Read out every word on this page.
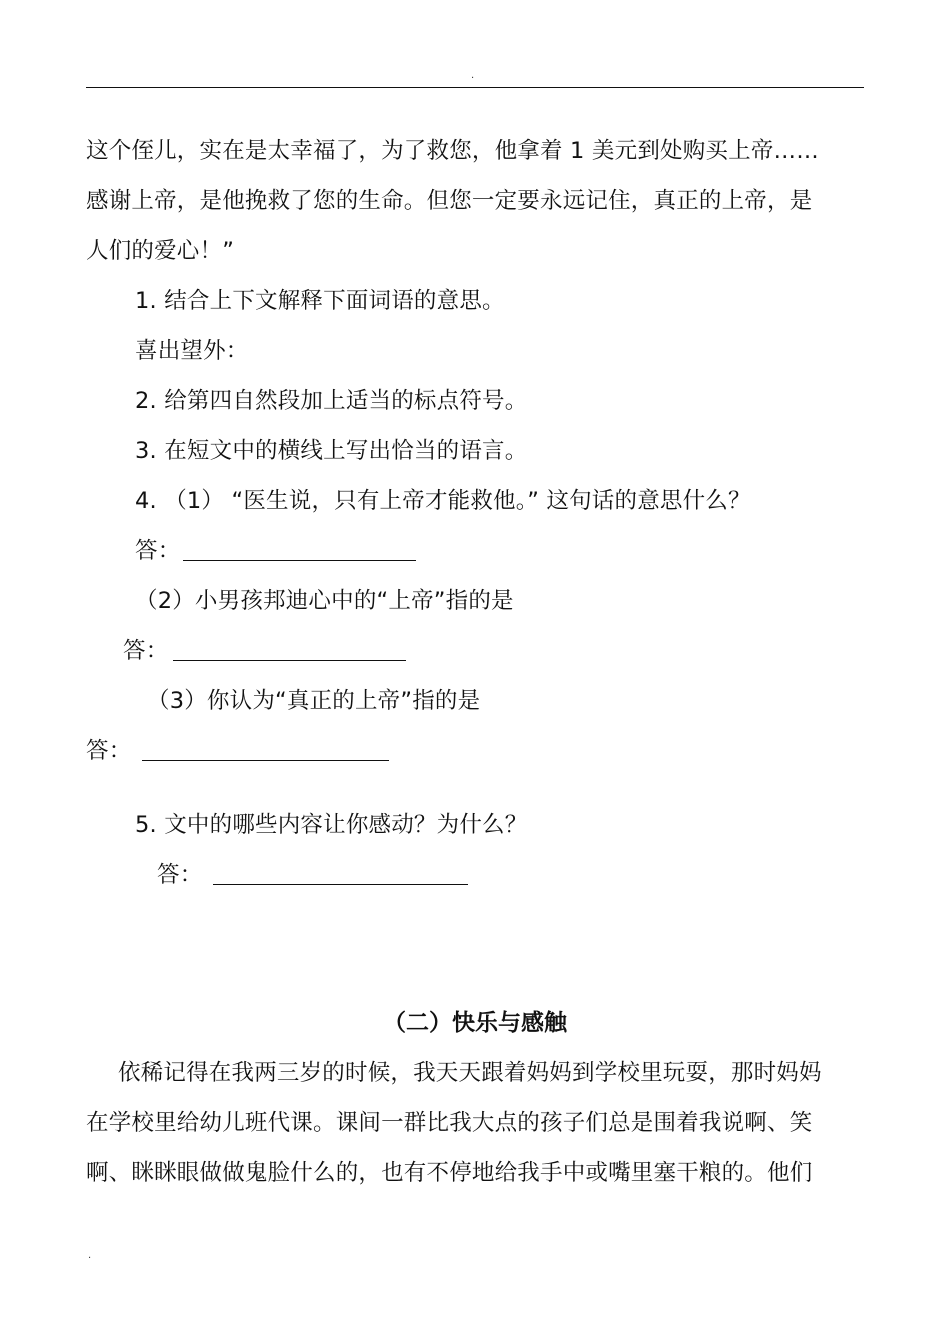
.
这个侄儿，实在是太幸福了，为了救您，他拿着 1 美元到处购买上帝……
感谢上帝，是他挽救了您的生命。但您一定要永远记住，真正的上帝，是
人们的爱心！”
1. 结合上下文解释下面词语的意思。
喜出望外：
2. 给第四自然段加上适当的标点符号。
3. 在短文中的横线上写出恰当的语言。
4. （1） “医生说，只有上帝才能救他。” 这句话的意思什么？
答：
（2）小男孩邦迪心中的“上帝”指的是
答：
（3）你认为“真正的上帝”指的是
答：
5. 文中的哪些内容让你感动？为什么？
答：
（二）快乐与感触
依稀记得在我两三岁的时候，我天天跟着妈妈到学校里玩耍，那时妈妈
在学校里给幼儿班代课。课间一群比我大点的孩子们总是围着我说啊、笑
啊、眯眯眼做做鬼脸什么的，也有不停地给我手中或嘴里塞干粮的。他们
.
